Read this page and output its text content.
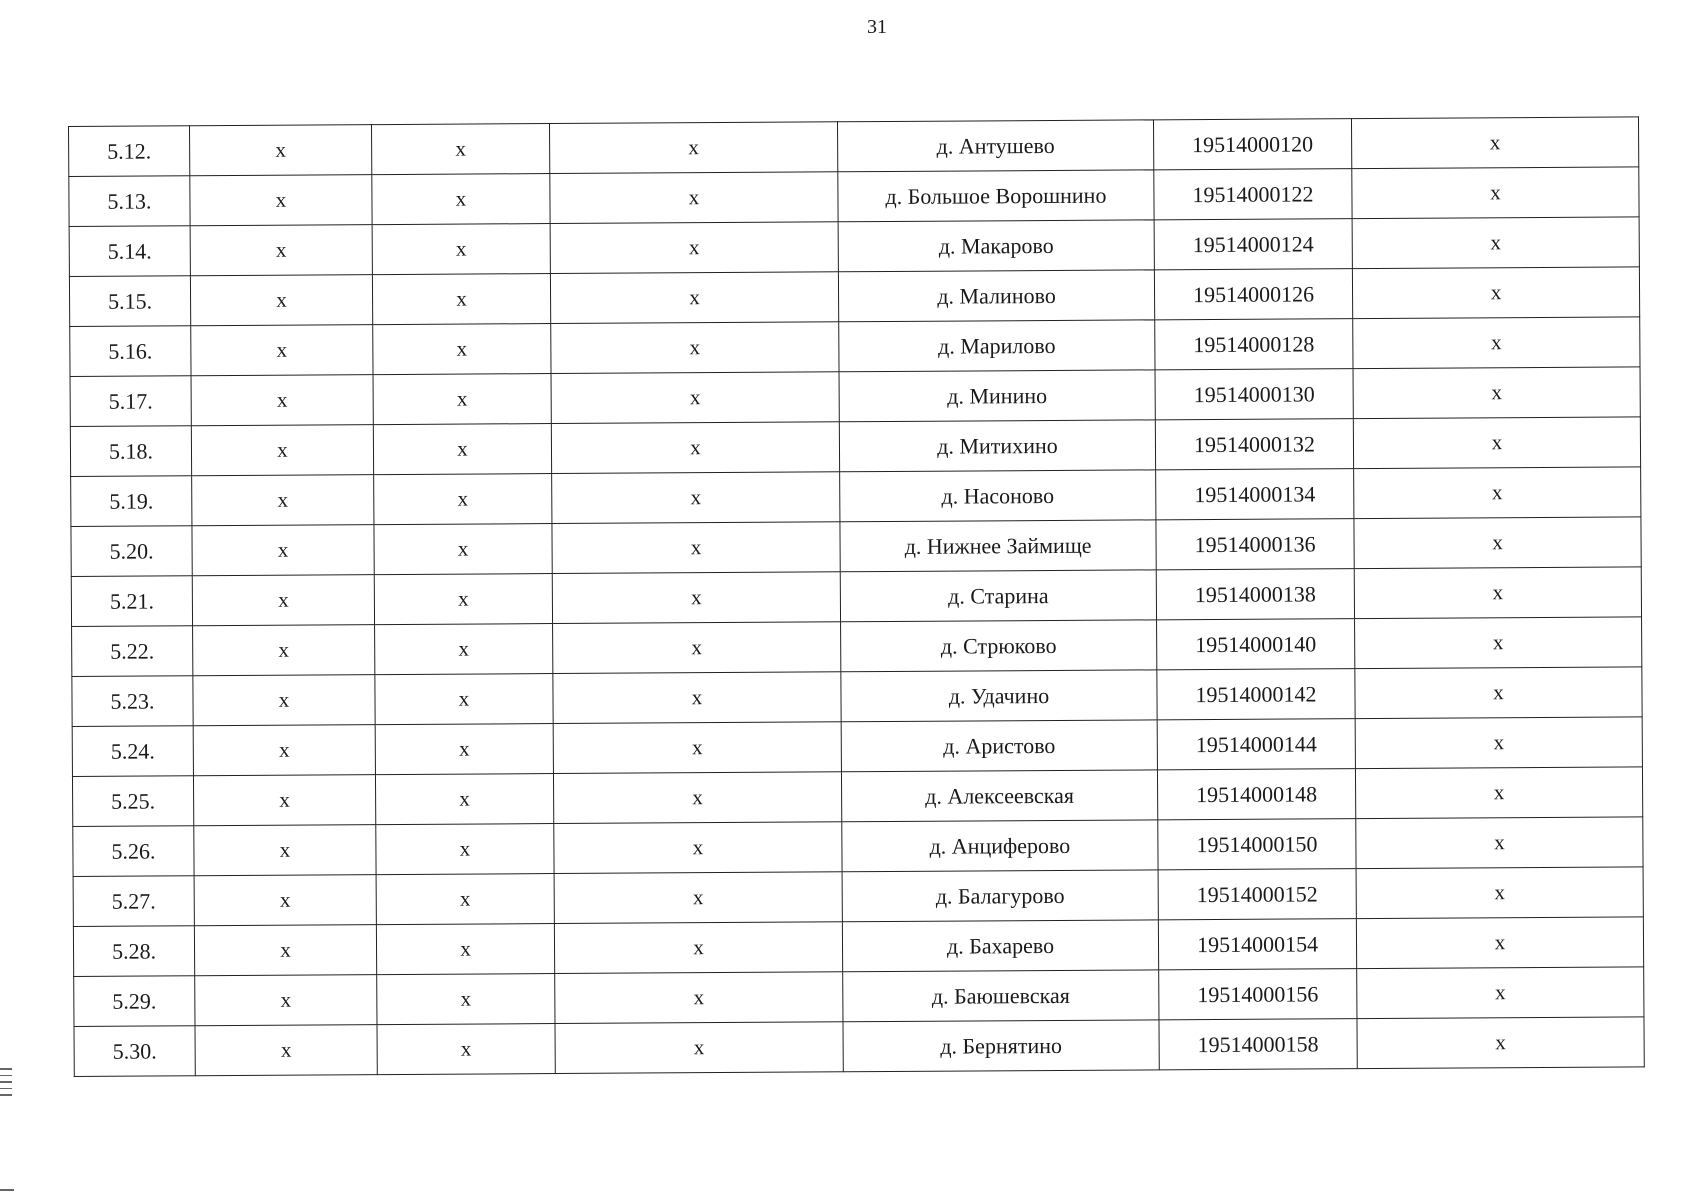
31
5.12.	x	x	x	д. Антушево	19514000120	x
5.13.	x	x	x	д. Большое Ворошнино	19514000122	x
5.14.	x	x	x	д. Макарово	19514000124	x
5.15.	x	x	x	д. Малиново	19514000126	x
5.16.	x	x	x	д. Марилово	19514000128	x
5.17.	x	x	x	д. Минино	19514000130	x
5.18.	x	x	x	д. Митихино	19514000132	x
5.19.	x	x	x	д. Насоново	19514000134	x
5.20.	x	x	x	д. Нижнее Займище	19514000136	x
5.21.	x	x	x	д. Старина	19514000138	x
5.22.	x	x	x	д. Стрюково	19514000140	x
5.23.	x	x	x	д. Удачино	19514000142	x
5.24.	x	x	x	д. Аристово	19514000144	x
5.25.	x	x	x	д. Алексеевская	19514000148	x
5.26.	x	x	x	д. Анциферово	19514000150	x
5.27.	x	x	x	д. Балагурово	19514000152	x
5.28.	x	x	x	д. Бахарево	19514000154	x
5.29.	x	x	x	д. Баюшевская	19514000156	x
5.30.	x	x	x	д. Бернятино	19514000158	x
